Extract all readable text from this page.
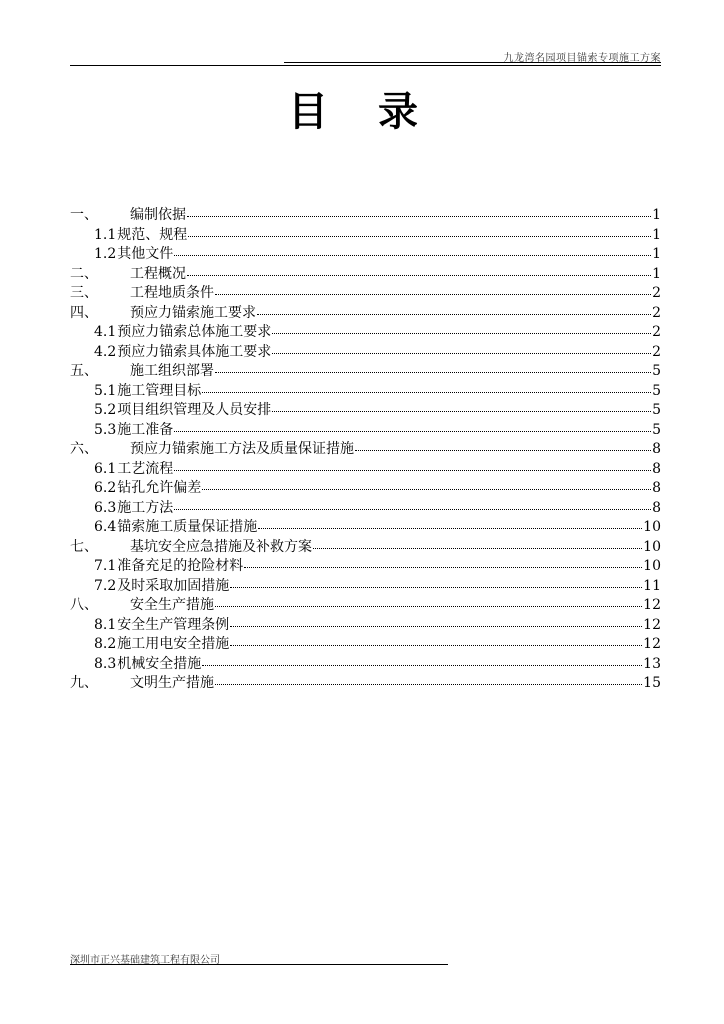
九龙湾名园项目锚索专项施工方案
目 录
一、	编制依据	1
1.1 规范、规程	1
1.2 其他文件	1
二、	工程概况	1
三、	工程地质条件	2
四、	预应力锚索施工要求	2
4.1 预应力锚索总体施工要求	2
4.2 预应力锚索具体施工要求	2
五、	施工组织部署	5
5.1 施工管理目标	5
5.2 项目组织管理及人员安排	5
5.3 施工准备	5
六、	预应力锚索施工方法及质量保证措施	8
6.1 工艺流程	8
6.2 钻孔允许偏差	8
6.3 施工方法	8
6.4 锚索施工质量保证措施	10
七、	基坑安全应急措施及补救方案	10
7.1 准备充足的抢险材料	10
7.2 及时采取加固措施	11
八、	安全生产措施	12
8.1 安全生产管理条例	12
8.2 施工用电安全措施	12
8.3 机械安全措施	13
九、	文明生产措施	15
深圳市正兴基础建筑工程有限公司
